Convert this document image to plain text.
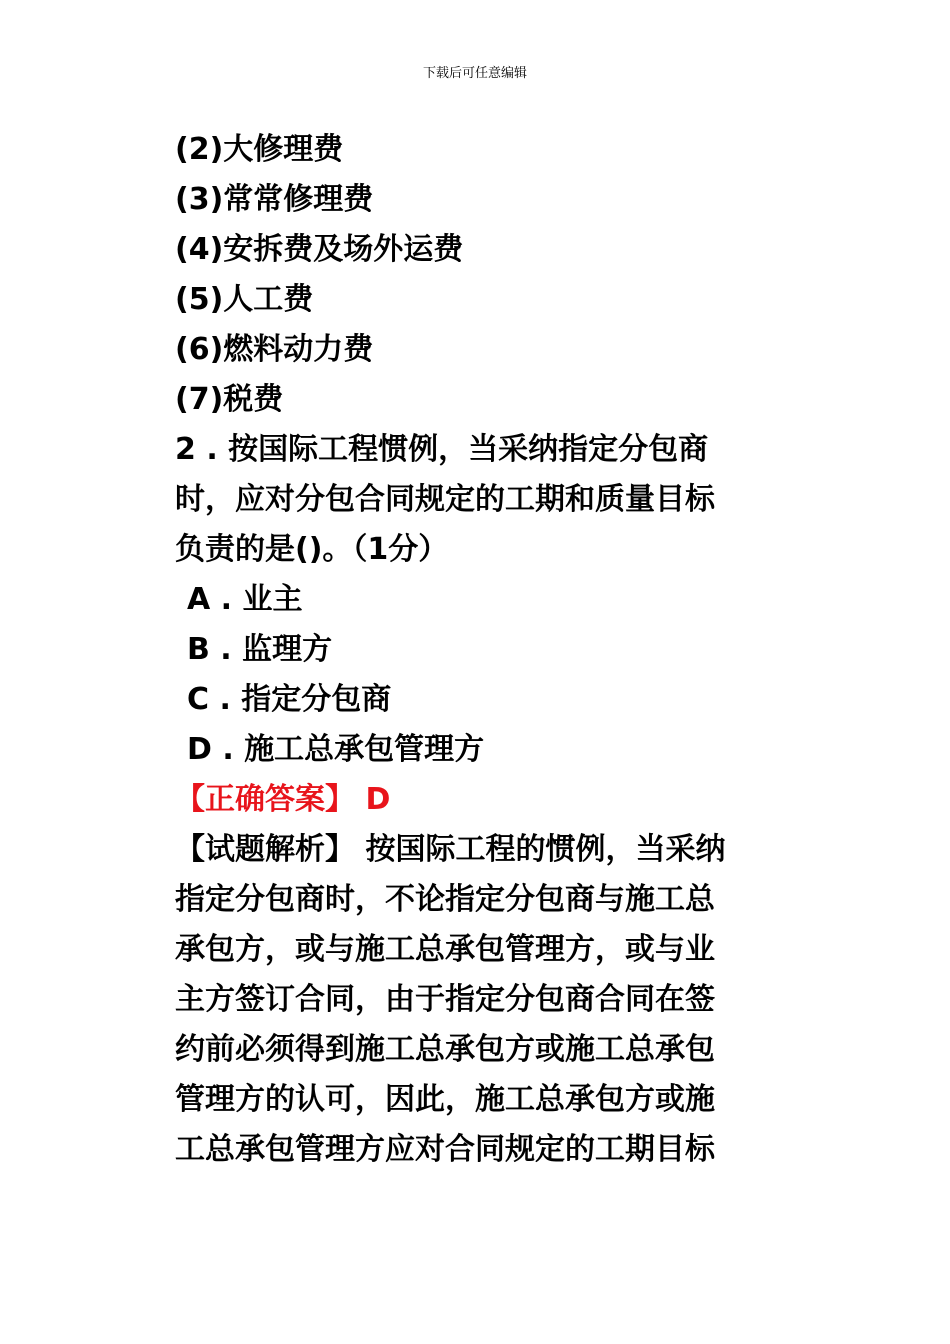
下载后可任意编辑
(2)大修理费
(3)常常修理费
(4)安拆费及场外运费
(5)人工费
(6)燃料动力费
(7)税费
2 . 按国际工程惯例，当采纳指定分包商
时，应对分包合同规定的工期和质量目标
负责的是()。（1分）
A . 业主
B . 监理方
C . 指定分包商
D . 施工总承包管理方
【正确答案】 D
【试题解析】 按国际工程的惯例，当采纳
指定分包商时，不论指定分包商与施工总
承包方，或与施工总承包管理方，或与业
主方签订合同，由于指定分包商合同在签
约前必须得到施工总承包方或施工总承包
管理方的认可，因此，施工总承包方或施
工总承包管理方应对合同规定的工期目标
